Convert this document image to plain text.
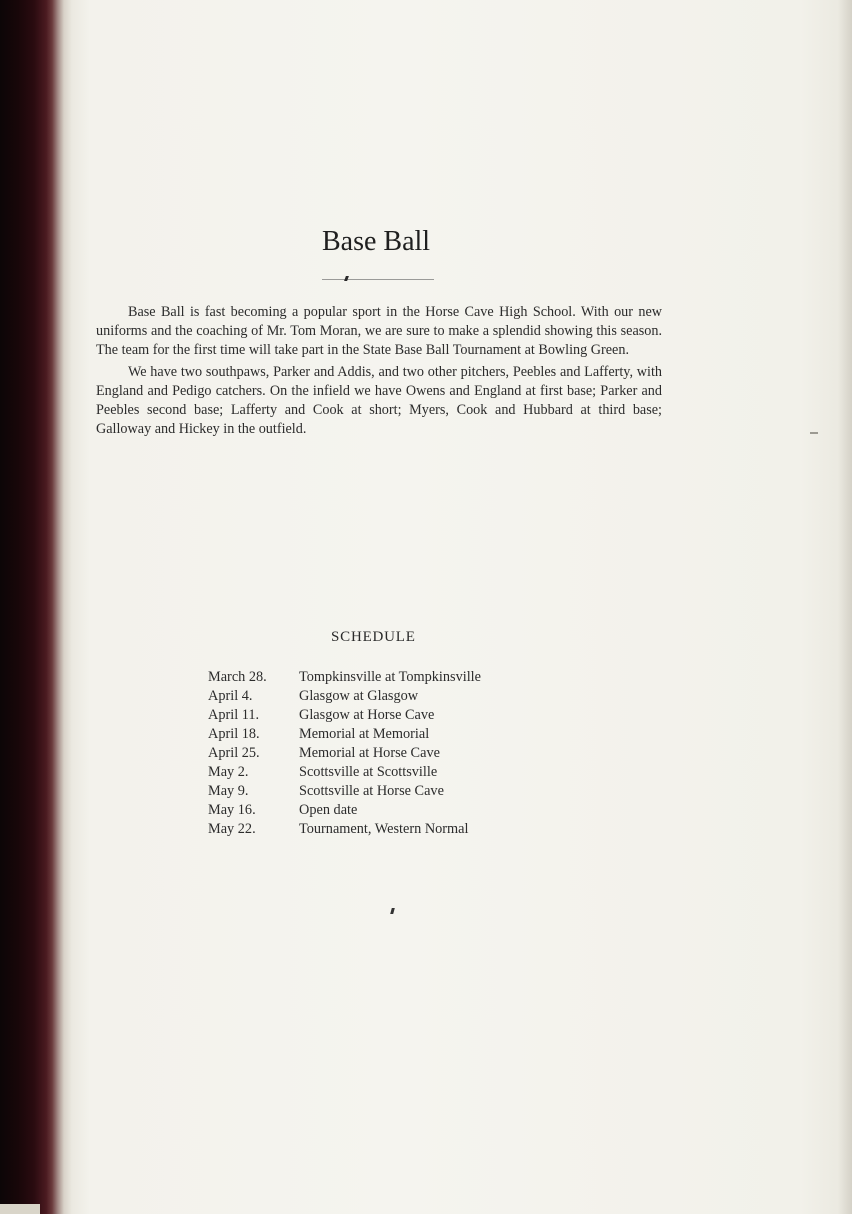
Base Ball

Base Ball is fast becoming a popular sport in the Horse Cave High School. With our new uniforms and the coaching of Mr. Tom Moran, we are sure to make a splendid showing this season. The team for the first time will take part in the State Base Ball Tournament at Bowling Green.

We have two southpaws, Parker and Addis, and two other pitchers, Peebles and Lafferty, with England and Pedigo catchers. On the infield we have Owens and England at first base; Parker and Peebles second base; Lafferty and Cook at short; Myers, Cook and Hubbard at third base; Galloway and Hickey in the outfield.

SCHEDULE
March 28.	Tompkinsville at Tompkinsville
April 4.	Glasgow at Glasgow
April 11.	Glasgow at Horse Cave
April 18.	Memorial at Memorial
April 25.	Memorial at Horse Cave
May 2.	Scottsville at Scottsville
May 9.	Scottsville at Horse Cave
May 16.	Open date
May 22.	Tournament, Western Normal
